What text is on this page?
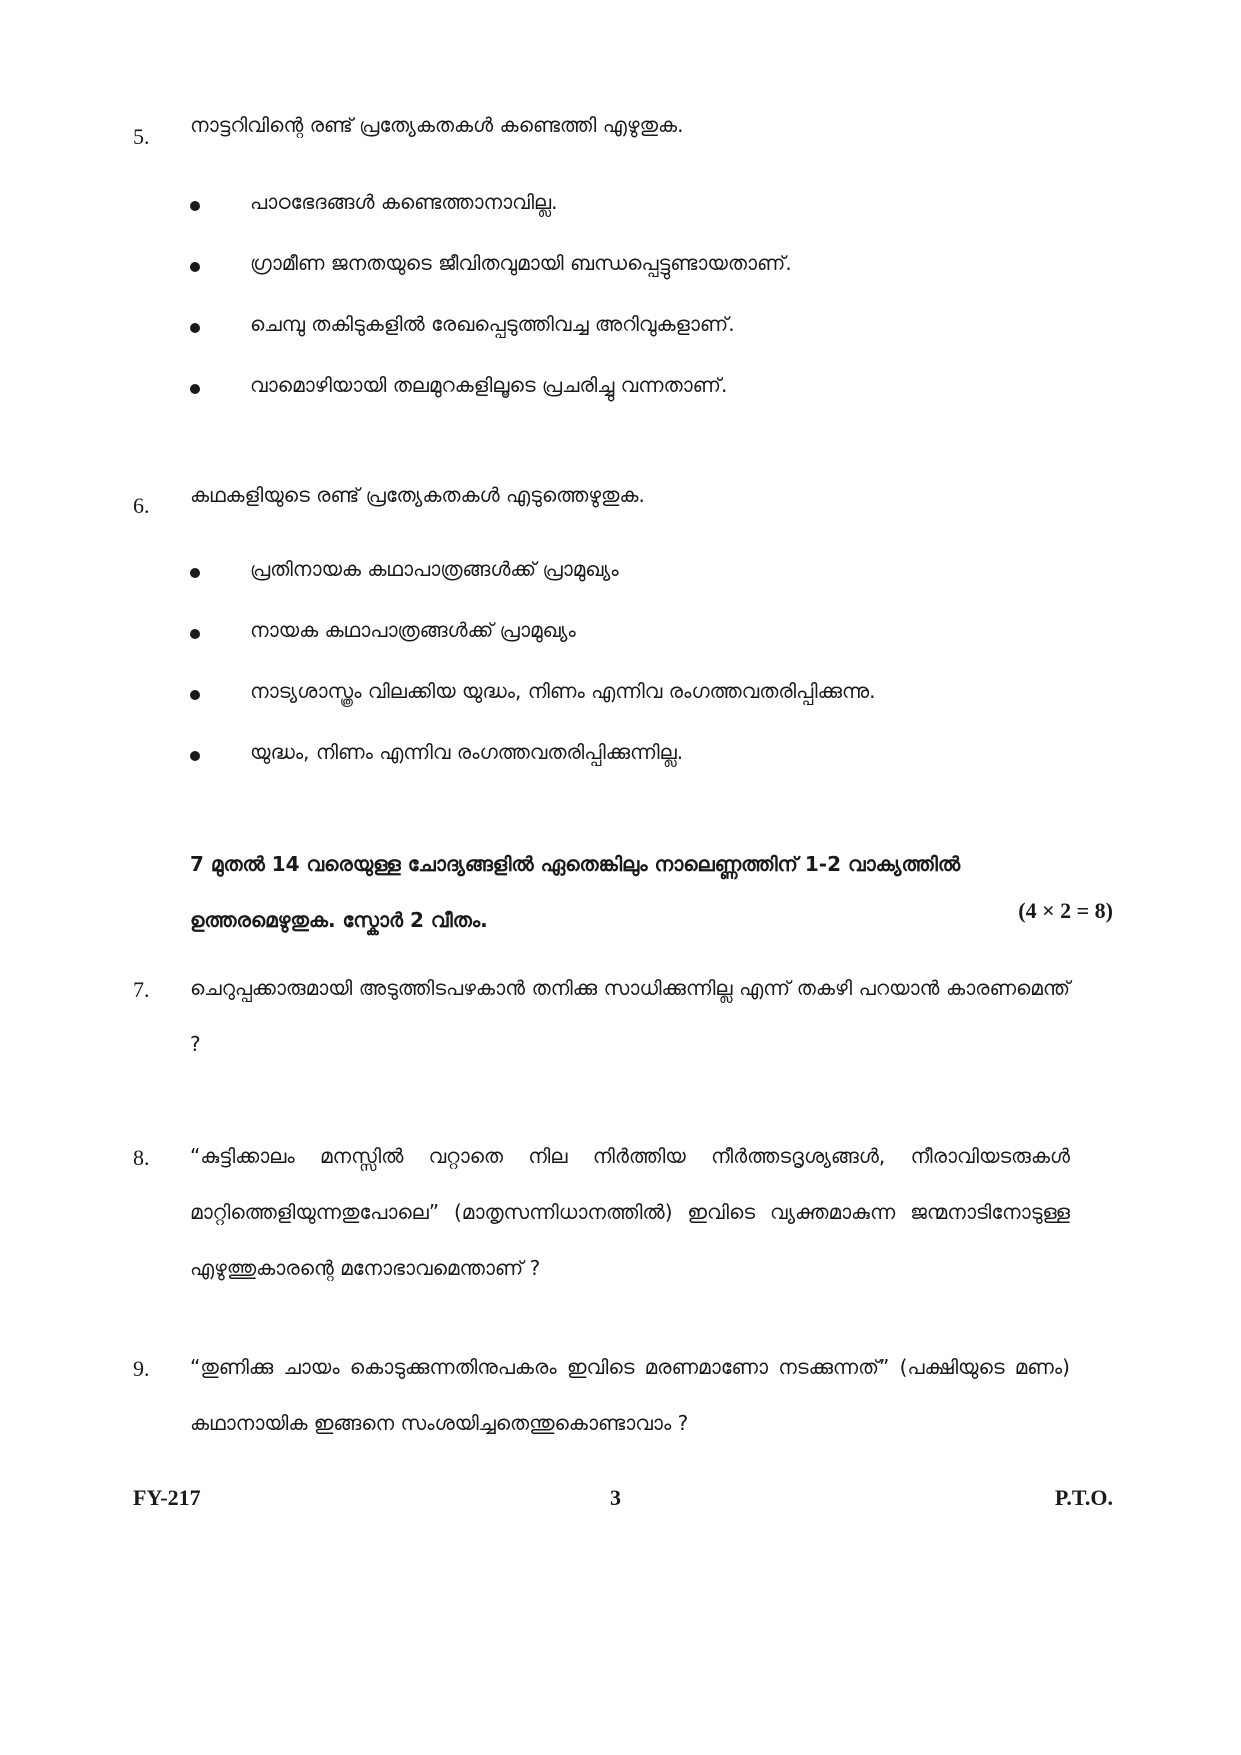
5.	നാട്ടറിവിന്റെ രണ്ട് പ്രത്യേകതകൾ കണ്ടെത്തി എഴുതുക.
പാഠഭേദങ്ങൾ കണ്ടെത്താനാവില്ല.
ഗ്രാമീണ ജനതയുടെ ജീവിതവുമായി ബന്ധപ്പെട്ടുണ്ടായതാണ്.
ചെമ്പു തകിടുകളിൽ രേഖപ്പെടുത്തിവച്ച അറിവുകളാണ്.
വാമൊഴിയായി തലമുറകളിലൂടെ പ്രചരിച്ചു വന്നതാണ്.
6.	കഥകളിയുടെ രണ്ട് പ്രത്യേകതകൾ എടുത്തെഴുതുക.
പ്രതിനായക കഥാപാത്രങ്ങൾക്ക് പ്രാമുഖ്യം
നായക കഥാപാത്രങ്ങൾക്ക് പ്രാമുഖ്യം
നാട്യശാസ്ത്രം വിലക്കിയ യുദ്ധം, നിണം എന്നിവ രംഗത്തവതരിപ്പിക്കുന്നു.
യുദ്ധം, നിണം എന്നിവ രംഗത്തവതരിപ്പിക്കുന്നില്ല.
7 മുതൽ 14 വരെയുള്ള ചോദ്യങ്ങളിൽ ഏതെങ്കിലും നാലെണ്ണത്തിന് 1-2 വാക്യത്തിൽ
ഉത്തരമെഴുതുക. സ്കോർ 2 വീതം.	(4 × 2 = 8)
7.	ചെറുപ്പക്കാരുമായി അടുത്തിടപഴകാൻ തനിക്കു സാധിക്കുന്നില്ല എന്ന് തകഴി പറയാൻ കാരണമെന്ത് ?
8.	“കുട്ടിക്കാലം മനസ്സിൽ വറ്റാതെ നില നിർത്തിയ നീർത്തടദൃശ്യങ്ങൾ, നീരാവിയടരുകൾ മാറ്റിത്തെളിയുന്നതുപോലെ” (മാതൃസന്നിധാനത്തിൽ) ഇവിടെ വ്യക്തമാകുന്ന ജന്മനാടിനോടുള്ള എഴുത്തുകാരന്റെ മനോഭാവമെന്താണ് ?
9.	“തുണിക്കു ചായം കൊടുക്കുന്നതിനുപകരം ഇവിടെ മരണമാണോ നടക്കുന്നത്” (പക്ഷിയുടെ മണം) കഥാനായിക ഇങ്ങനെ സംശയിച്ചതെന്തുകൊണ്ടാവാം ?
FY-217	3	P.T.O.
